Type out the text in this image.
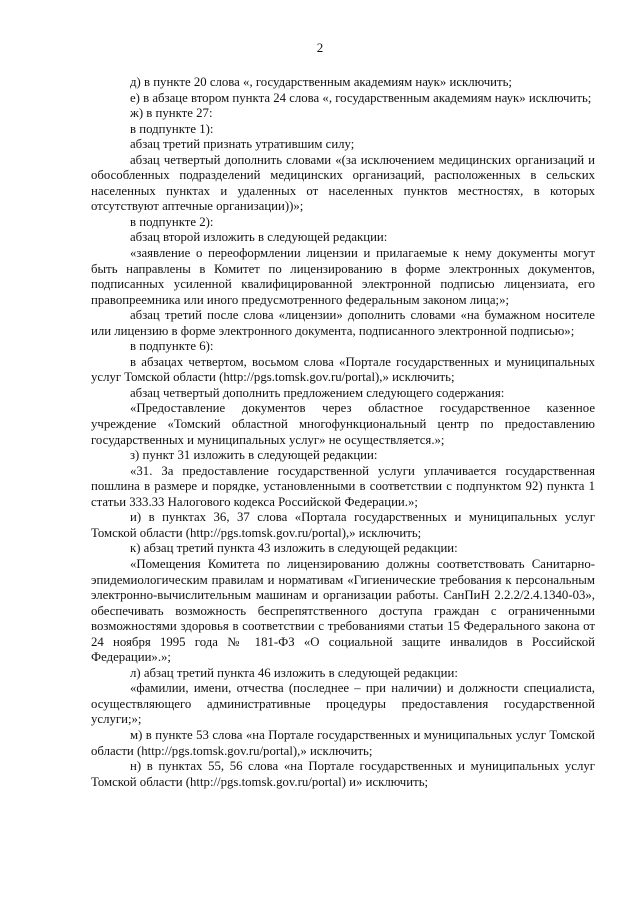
2

д) в пункте 20 слова «, государственным академиям наук» исключить;

е) в абзаце втором пункта 24 слова «, государственным академиям наук» исключить;

ж) в пункте 27:

в подпункте 1):

абзац третий признать утратившим силу;

абзац четвертый дополнить словами «(за исключением медицинских организаций и обособленных подразделений медицинских организаций, расположенных в сельских населенных пунктах и удаленных от населенных пунктов местностях, в которых отсутствуют аптечные организации))»;

в подпункте 2):

абзац второй изложить в следующей редакции:

«заявление о переоформлении лицензии и прилагаемые к нему документы могут быть направлены в Комитет по лицензированию в форме электронных документов, подписанных усиленной квалифицированной электронной подписью лицензиата, его правопреемника или иного предусмотренного федеральным законом лица;»;

абзац третий после слова «лицензии» дополнить словами «на бумажном носителе или лицензию в форме электронного документа, подписанного электронной подписью»;

в подпункте 6):

в абзацах четвертом, восьмом слова «Портале государственных и муниципальных услуг Томской области (http://pgs.tomsk.gov.ru/portal),» исключить;

абзац четвертый дополнить предложением следующего содержания:

«Предоставление документов через областное государственное казенное учреждение «Томский областной многофункциональный центр по предоставлению государственных и муниципальных услуг» не осуществляется.»;

з) пункт 31 изложить в следующей редакции:

«31. За предоставление государственной услуги уплачивается государственная пошлина в размере и порядке, установленными в соответствии с подпунктом 92) пункта 1 статьи 333.33 Налогового кодекса Российской Федерации.»;

и) в пунктах 36, 37 слова «Портала государственных и муниципальных услуг Томской области (http://pgs.tomsk.gov.ru/portal),» исключить;

к) абзац третий пункта 43 изложить в следующей редакции:

«Помещения Комитета по лицензированию должны соответствовать Санитарно-эпидемиологическим правилам и нормативам «Гигиенические требования к персональным электронно-вычислительным машинам и организации работы. СанПиН 2.2.2/2.4.1340-03», обеспечивать возможность беспрепятственного доступа граждан с ограниченными возможностями здоровья в соответствии с требованиями статьи 15 Федерального закона от 24 ноября 1995 года № 181-ФЗ «О социальной защите инвалидов в Российской Федерации».»;

л) абзац третий пункта 46 изложить в следующей редакции:

«фамилии, имени, отчества (последнее – при наличии) и должности специалиста, осуществляющего административные процедуры предоставления государственной услуги;»;

м) в пункте 53 слова «на Портале государственных и муниципальных услуг Томской области (http://pgs.tomsk.gov.ru/portal),» исключить;

н) в пунктах 55, 56 слова «на Портале государственных и муниципальных услуг Томской области (http://pgs.tomsk.gov.ru/portal) и» исключить;
